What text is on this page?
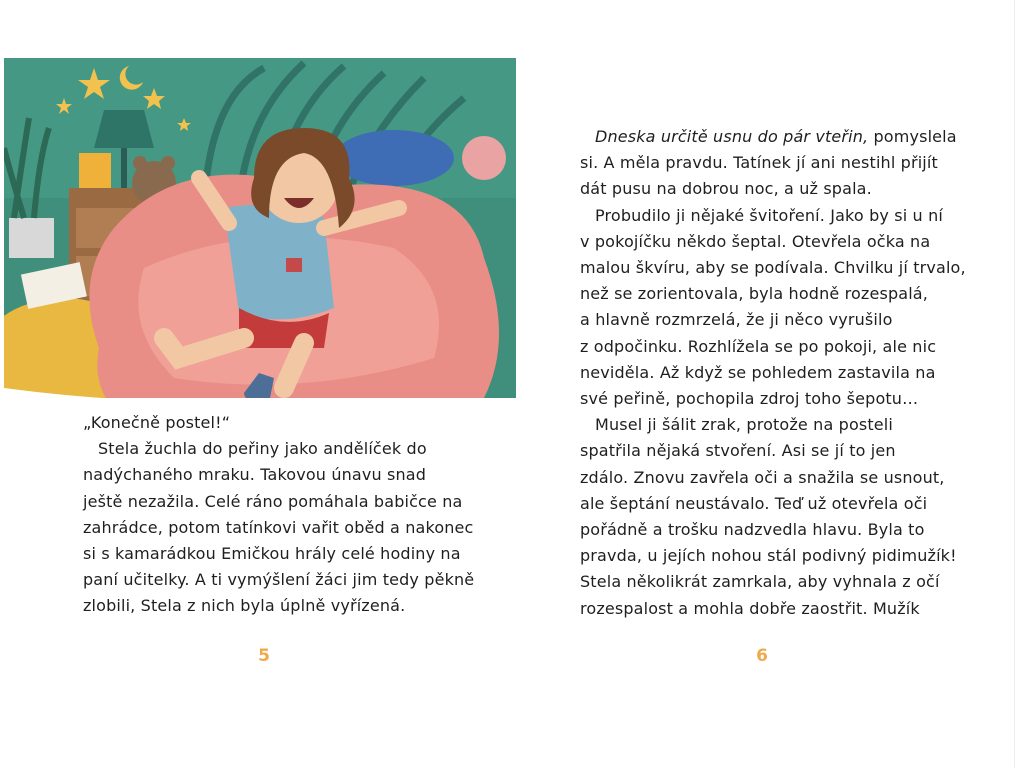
„Konečně postel!“

Stela žuchla do peřiny jako andělíček do

nadýchaného mraku. Takovou únavu snad

ještě nezažila. Celé ráno pomáhala babičce na

zahrádce, potom tatínkovi vařit oběd a nakonec

si s kamarádkou Emičkou hrály celé hodiny na

paní učitelky. A ti vymýšlení žáci jim tedy pěkně

zlobili, Stela z nich byla úplně vyřízená.

5

Dneska určitě usnu do pár vteřin, pomyslela

si. A měla pravdu. Tatínek jí ani nestihl přijít

dát pusu na dobrou noc, a už spala.

Probudilo ji nějaké švitoření. Jako by si u ní

v pokojíčku někdo šeptal. Otevřela očka na

malou škvíru, aby se podívala. Chvilku jí trvalo,

než se zorientovala, byla hodně rozespalá,

a hlavně rozmrzelá, že ji něco vyrušilo

z odpočinku. Rozhlížela se po pokoji, ale nic

neviděla. Až když se pohledem zastavila na

své peřině, pochopila zdroj toho šepotu…

Musel ji šálit zrak, protože na posteli

spatřila nějaká stvoření. Asi se jí to jen

zdálo. Znovu zavřela oči a snažila se usnout,

ale šeptání neustávalo. Teď už otevřela oči

pořádně a trošku nadzvedla hlavu. Byla to

pravda, u jejích nohou stál podivný pidimužík!

Stela několikrát zamrkala, aby vyhnala z očí

rozespalost a mohla dobře zaostřit. Mužík

6
